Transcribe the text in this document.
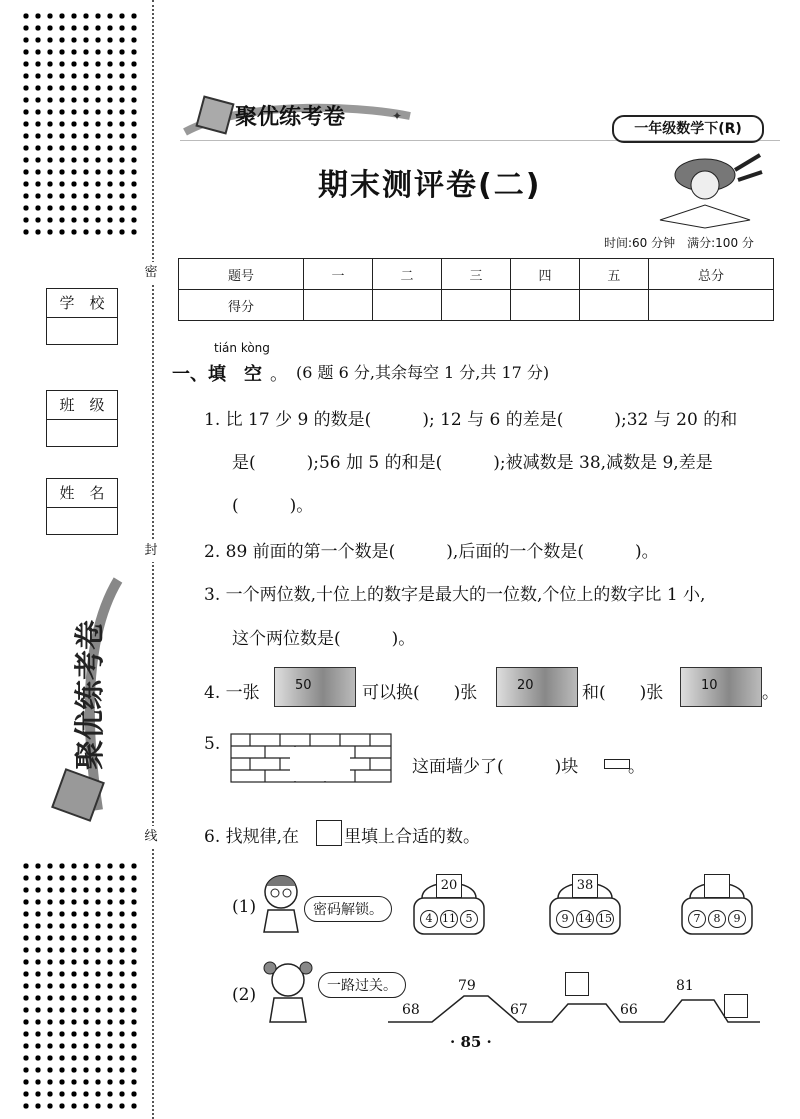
密
封
线
学　校
班　级
姓　名
聚优练考卷
聚优练考卷	✦
一年级数学下(R)
期末测评卷(二)
时间:60 分钟　满分:100 分
题号	一	二	三	四	五	总分
得分						
tián kòng
一、填　空 。 (6 题 6 分,其余每空 1 分,共 17 分)
1. 比 17 少 9 的数是(　　　); 12 与 6 的差是(　　　);32 与 20 的和
是(　　　);56 加 5 的和是(　　　);被减数是 38,减数是 9,差是
(　　　)。
2. 89 前面的第一个数是(　　　),后面的一个数是(　　　)。
3. 一个两位数,十位上的数字是最大的一位数,个位上的数字比 1 小,
这个两位数是(　　　)。
4. 一张	50	可以换(　　)张	20	和(　　)张	10	。
5.
这面墙少了(　　　)块	。
6. 找规律,在	里填上合适的数。
(1)	密码解锁。
20
4 11 5
38
9 14 15	7	8	9
(2)	一路过关。
68
79
67	66
81
· 85 ·
